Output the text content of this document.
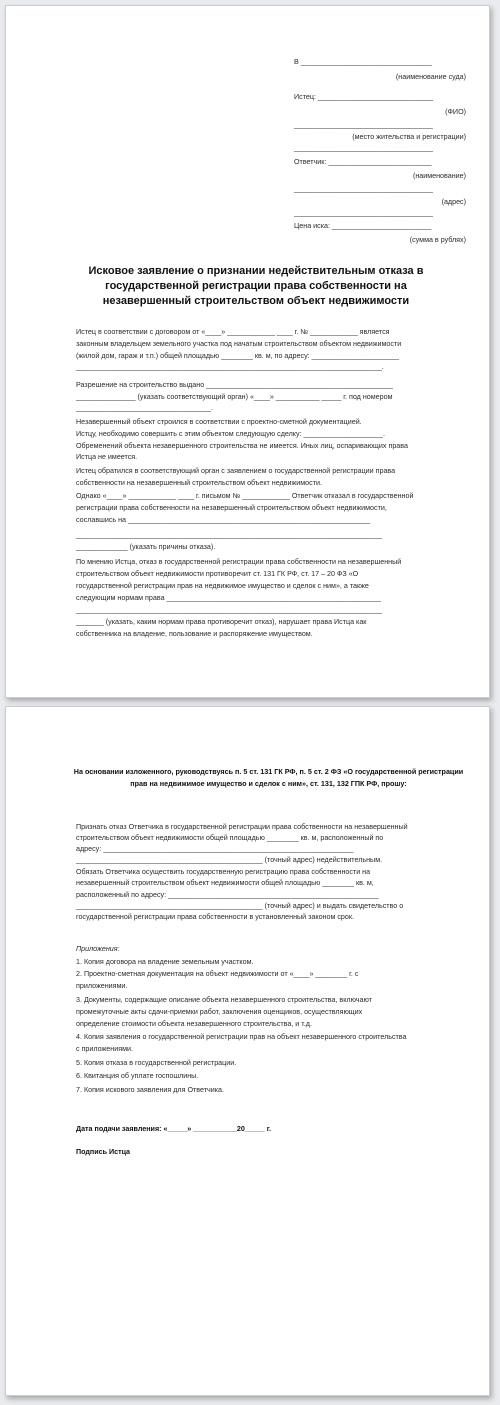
В _________________________________
(наименование суда)
Истец: _____________________________
(ФИО)
___________________________________
(место жительства и регистрации)
___________________________________
Ответчик: __________________________
(наименование)
___________________________________
(адрес)
___________________________________
Цена иска: _________________________
(сумма в рублях)
Исковое заявление о признании недействительным отказа в государственной регистрации права собственности на незавершенный строительством объект недвижимости
Истец в соответствии с договором от «____» ____________ ____ г. № ____________ является
законным владельцем земельного участка под начатым строительством объектом недвижимости
(жилой дом, гараж и т.п.) общей площадью ________ кв. м, по адресу: ______________________
_____________________________________________________________________________.
Разрешение на строительство выдано _______________________________________________
_______________ (указать соответствующий орган) «____» ___________ _____ г. под номером
__________________________________.
Незавершенный объект строился в соответствии с проектно-сметной документацией.
Истцу, необходимо совершить с этим объектом следующую сделку: ____________________.
Обременений объекта незавершенного строительства не имеется. Иных лиц, оспаривающих права
Истца не имеется.
Истец обратился в соответствующий орган с заявлением о государственной регистрации права
собственности на незавершенный строительством объект недвижимости.
Однако «____» ____________ ____ г. письмом № ____________ Ответчик отказал в государственной
регистрации права собственности на незавершенный строительством объект недвижимости,
сославшись на _____________________________________________________________
_____________________________________________________________________________
_____________ (указать причины отказа).
По мнению Истца, отказ в государственной регистрации права собственности на незавершенный
строительством объект недвижимости противоречит ст. 131 ГК РФ, ст. 17 – 20 ФЗ «О
государственной регистрации прав на недвижимое имущество и сделок с ним», а также
следующим нормам права ______________________________________________________
_____________________________________________________________________________
_______ (указать, каким нормам права противоречит отказ), нарушает права Истца как
собственника на владение, пользование и распоряжение имуществом.
На основании изложенного, руководствуясь п. 5 ст. 131 ГК РФ, п. 5 ст. 2 ФЗ «О государственной регистрации прав на недвижимое имущество и сделок с ним», ст. 131, 132 ГПК РФ, прошу:
Признать отказ Ответчика в государственной регистрации права собственности на незавершенный
строительством объект недвижимости общей площадью ________ кв. м, расположенный по
адресу: _______________________________________________________________
_______________________________________________ (точный адрес) недействительным.
Обязать Ответчика осуществить государственную регистрацию права собственности на
незавершенный строительством объект недвижимости общей площадью ________ кв. м,
расположенный по адресу: _____________________________________________________
_______________________________________________ (точный адрес) и выдать свидетельство о
государственной регистрации права собственности в установленный законом срок.
Приложения:
1. Копия договора на владение земельным участком.
2. Проектно-сметная документация на объект недвижимости от «____» ________ г. с
приложениями.
3. Документы, содержащие описание объекта незавершенного строительства, включают
промежуточные акты сдачи-приемки работ, заключения оценщиков, осуществляющих
определение стоимости объекта незавершенного строительства, и т.д.
4. Копия заявления о государственной регистрации прав на объект незавершенного строительства
с приложениями.
5. Копия отказа в государственной регистрации.
6. Квитанция об уплате госпошлины.
7. Копия искового заявления для Ответчика.
Дата подачи заявления: «_____» ___________20_____ г.
Подпись Истца
